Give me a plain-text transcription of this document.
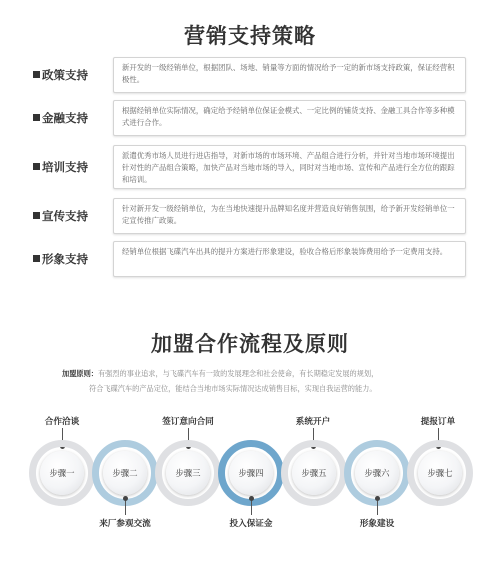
营销支持策略
政策支持
新开发的一级经销单位，根据团队、场地、销量等方面的情况给予一定的新市场支持政策，保证经营积极性。
金融支持
根据经销单位实际情况，确定给予经销单位保证金模式、一定比例的铺货支持、金融工具合作等多种模式进行合作。
培训支持
派遣优秀市场人员进行进店指导，对新市场的市场环境、产品组合进行分析，并针对当地市场环境提出针对性的产品组合策略，加快产品对当地市场的导入，同时对当地市场、宣传和产品进行全方位的跟踪和培训。
宣传支持
针对新开发一级经销单位，为在当地快速提升品牌知名度并营造良好销售氛围，给予新开发经销单位一定宣传推广政策。
形象支持
经销单位根据飞碟汽车出具的提升方案进行形象建设，验收合格后形象装饰费用给予一定费用支持。
加盟合作流程及原则
加盟原则：有强烈的事业追求，与飞碟汽车有一致的发展理念和社会使命，有长期稳定发展的规划，
符合飞碟汽车的产品定位，能结合当地市场实际情况达成销售目标，实现自我运营的能力。
合作洽谈	签订意向合同	系统开户	提报订单
步骤一	步骤二	步骤三	步骤四	步骤五	步骤六	步骤七
来厂参观交流	投入保证金	形象建设
